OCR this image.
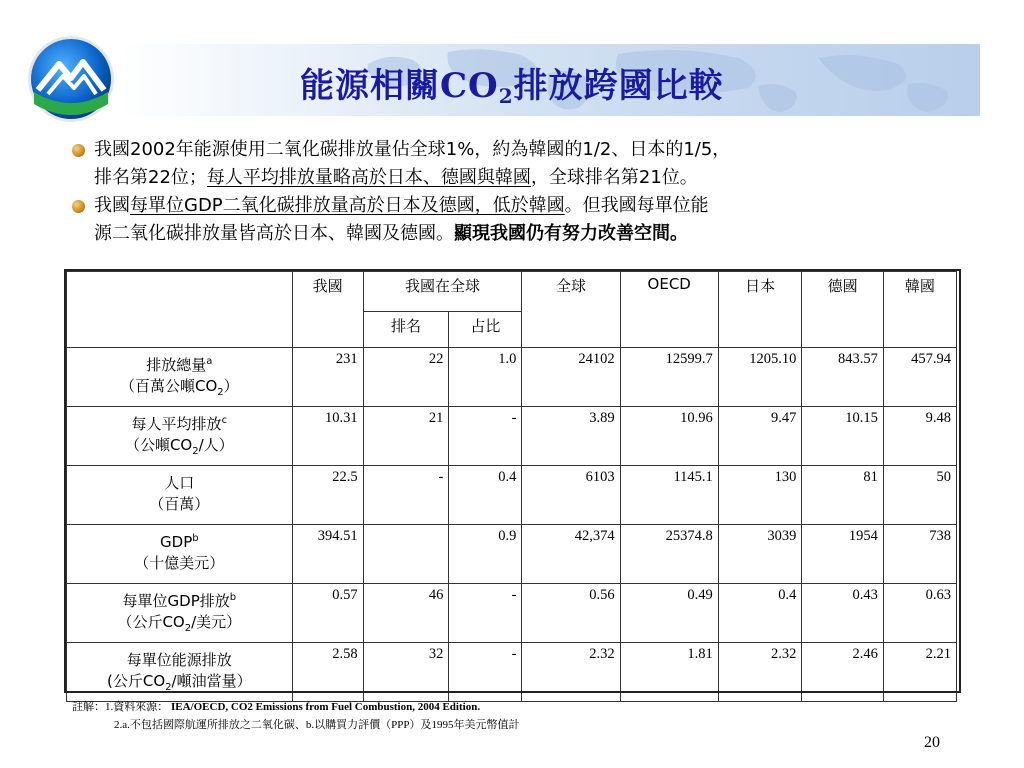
能源相關$CO_2$排放跨國比較
我國2002年能源使用二氧化碳排放量佔全球1%，約為韓國的1/2、日本的1/5，
排名第22位；每人平均排放量略高於日本、德國與韓國，全球排名第21位。
我國每單位GDP二氧化碳排放量高於日本及德國，低於韓國。但我國每單位能
源二氧化碳排放量皆高於日本、韓國及德國。顯現我國仍有努力改善空間。
	我國	我國在全球		全球	OECD	日本	德國	韓國
		排名	占比					

排放總量$^a$
（百萬公噸$CO_2$）	231	22	1.0	24102	12599.7	1205.10	843.57	457.94

每人平均排放$^c$
（公噸$CO_2/$人）	10.31	21	-	3.89	10.96	9.47	10.15	9.48

人口
（百萬）	22.5	-	0.4	6103	1145.1	130	81	50

GDP$^b$
（十億美元）	394.51		0.9	42,374	25374.8	3039	1954	738

每單位GDP排放$^b$
（公斤$CO_2/$美元）	0.57	46	-	0.56	0.49	0.4	0.43	0.63

每單位能源排放
(公斤$CO_2/$噸油當量）	2.58	32	-	2.32	1.81	2.32	2.46	2.21
註解：1.資料來源： IEA/OECD, CO2 Emissions from Fuel Combustion, 2004 Edition.
2.a.不包括國際航運所排放之二氧化碳、b.以購買力評價（PPP）及1995年美元幣值計
20
